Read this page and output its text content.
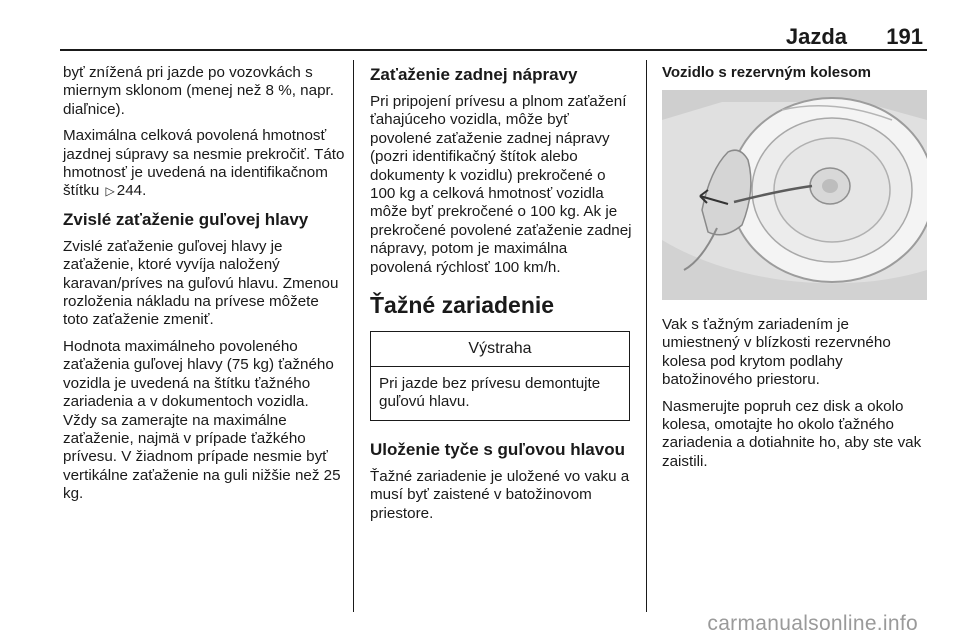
Jazda 191

byť znížená pri jazde po vozovkách s miernym sklonom (menej než 8 %, napr. diaľnice).

Maximálna celková povolená hmotnosť jazdnej súpravy sa nesmie prekročiť. Táto hmotnosť je uvedená na identifikačnom štítku ▷ 244.

Zvislé zaťaženie guľovej hlavy

Zvislé zaťaženie guľovej hlavy je zaťaženie, ktoré vyvíja naložený karavan/príves na guľovú hlavu. Zmenou rozloženia nákladu na prívese môžete toto zaťaženie zmeniť.

Hodnota maximálneho povoleného zaťaženia guľovej hlavy (75 kg) ťažného vozidla je uvedená na štítku ťažného zariadenia a v dokumentoch vozidla. Vždy sa zamerajte na maximálne zaťaženie, najmä v prípade ťažkého prívesu. V žiadnom prípade nesmie byť vertikálne zaťaženie na guli nižšie než 25 kg.

Zaťaženie zadnej nápravy

Pri pripojení prívesu a plnom zaťažení ťahajúceho vozidla, môže byť povolené zaťaženie zadnej nápravy (pozri identifikačný štítok alebo dokumenty k vozidlu) prekročené o 100 kg a celková hmotnosť vozidla môže byť prekročené o 100 kg. Ak je prekročené povolené zaťaženie zadnej nápravy, potom je maximálna povolená rýchlosť 100 km/h.

Ťažné zariadenie
Výstraha
Pri jazde bez prívesu demontujte guľovú hlavu.
Uloženie tyče s guľovou hlavou

Ťažné zariadenie je uložené vo vaku a musí byť zaistené v batožinovom priestore.

Vozidlo s rezervným kolesom

Vak s ťažným zariadením je umiestnený v blízkosti rezervného kolesa pod krytom podlahy batožinového priestoru.

Nasmerujte popruh cez disk a okolo kolesa, omotajte ho okolo ťažného zariadenia a dotiahnite ho, aby ste vak zaistili.

carmanualsonline.info
